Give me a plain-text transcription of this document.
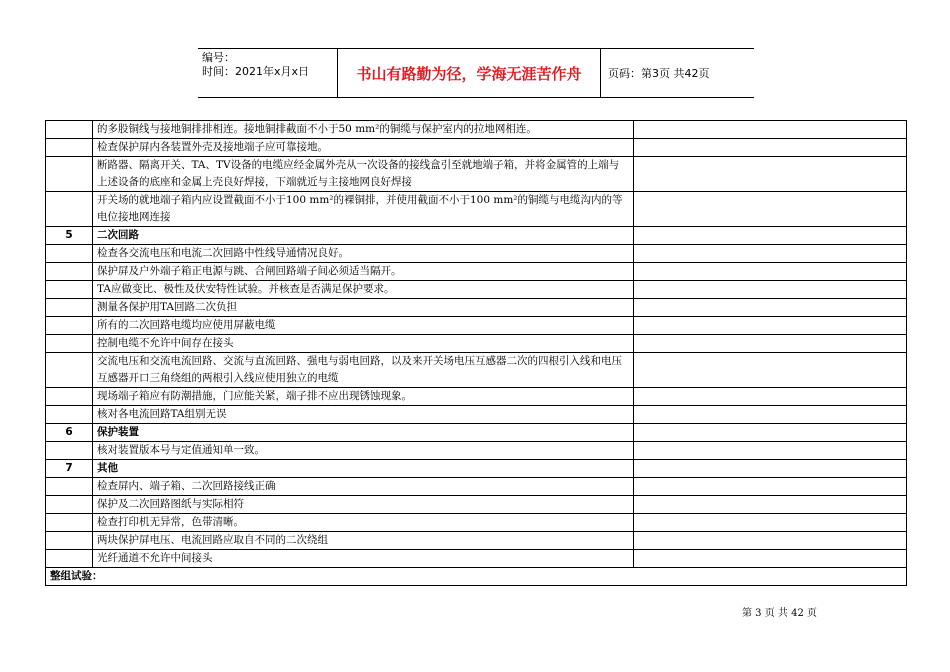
编号：
时间：2021年x月x日	书山有路勤为径，学海无涯苦作舟	页码：第3页 共42页
	的多股铜线与接地铜排排相连。接地铜排截面不小于50 mm²的铜缆与保护室内的拉地网相连。	
	检查保护屏内各装置外壳及接地端子应可靠接地。	
	断路器、隔离开关、TA、TV设备的电缆应经金属外壳从一次设备的接线盒引至就地端子箱，并将金属管的上端与上述设备的底座和金属上壳良好焊接，下端就近与主接地网良好焊接	
	开关场的就地端子箱内应设置截面不小于100 mm²的裸铜排，并使用截面不小于100 mm²的铜缆与电缆沟内的等电位接地网连接	
5	二次回路	
	检查各交流电压和电流二次回路中性线导通情况良好。	
	保护屏及户外端子箱正电源与跳、合闸回路端子间必须适当隔开。	
	TA应做变比、极性及伏安特性试验。并核查是否满足保护要求。	
	测量各保护用TA回路二次负担	
	所有的二次回路电缆均应使用屏蔽电缆	
	控制电缆不允许中间存在接头	
	交流电压和交流电流回路、交流与直流回路、强电与弱电回路，以及来开关场电压互感器二次的四根引入线和电压互感器开口三角绕组的两根引入线应使用独立的电缆	
	现场端子箱应有防潮措施，门应能关紧，端子排不应出现锈蚀现象。	
	核对各电流回路TA组别无误	
6	保护装置	
	核对装置版本号与定值通知单一致。	
7	其他	
	检查屏内、端子箱、二次回路接线正确	
	保护及二次回路图纸与实际相符	
	检查打印机无异常，色带清晰。	
	两块保护屏电压、电流回路应取自不同的二次绕组	
	光纤通道不允许中间接头	
整组试验：		
第 3 页 共 42 页
